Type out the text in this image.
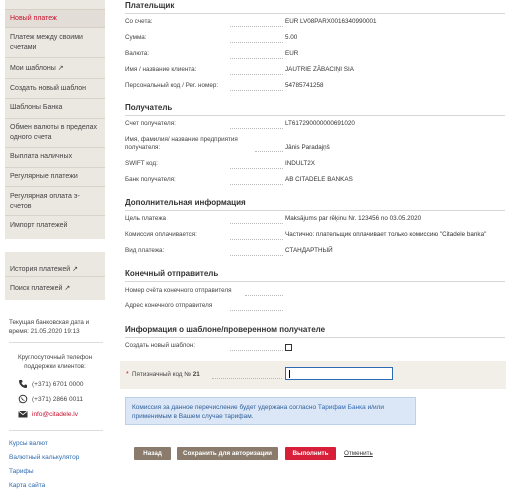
Новый платеж
Платеж между своими счетами
Мои шаблоны ↗
Создать новый шаблон
Шаблоны Банка
Обмен валюты в пределах одного счета
Выплата наличных
Регулярные платежи
Регулярная оплата э-счетов
Импорт платежей
История платежей ↗
Поиск платежей ↗
Текущая банковская дата и время: 21.05.2020 19:13
Круглосуточный телефон поддержки клиентов:
(+371) 6701 0000
(+371) 2866 0011
info@citadele.lv
Курсы валют
Валютный калькулятор
Тарифы
Карта сайта
Плательщик
Со счета:	EUR LV08PARX0016340990001
Сумма:	5.00
Валюта:	EUR
Имя / название клиента:	JAUTRIE ZĀBACIŅI SIA
Персональный код / Рег. номер:	54785741258
Получатель
Счет получателя:	LT617290000000691020
Имя, фамилия/ название предприятия получателя:	Jānis Paradajņš
SWIFT код:	INDULT2X
Банк получателя:	AB CITADELE BANKAS
Дополнительная информация
Цель платежа	Maksājums par rēķinu Nr. 123456 no 03.05.2020
Комиссия оплачивается:	Частично: плательщик оплачивает только комиссию "Citadele banka"
Вид платежа:	СТАНДАРТНЫЙ
Конечный отправитель
Номер счёта конечного отправителя
Адрес конечного отправителя
Информация о шаблоне/проверенном получателе
Создать новый шаблон:
* Пятизначный код № 21
Комиссия за данное перечисление будет удержана согласно Тарифам Банка и/или применимым в Вашем случае тарифам.
Назад	Сохранить для авторизации	Выполнить	Отменить
